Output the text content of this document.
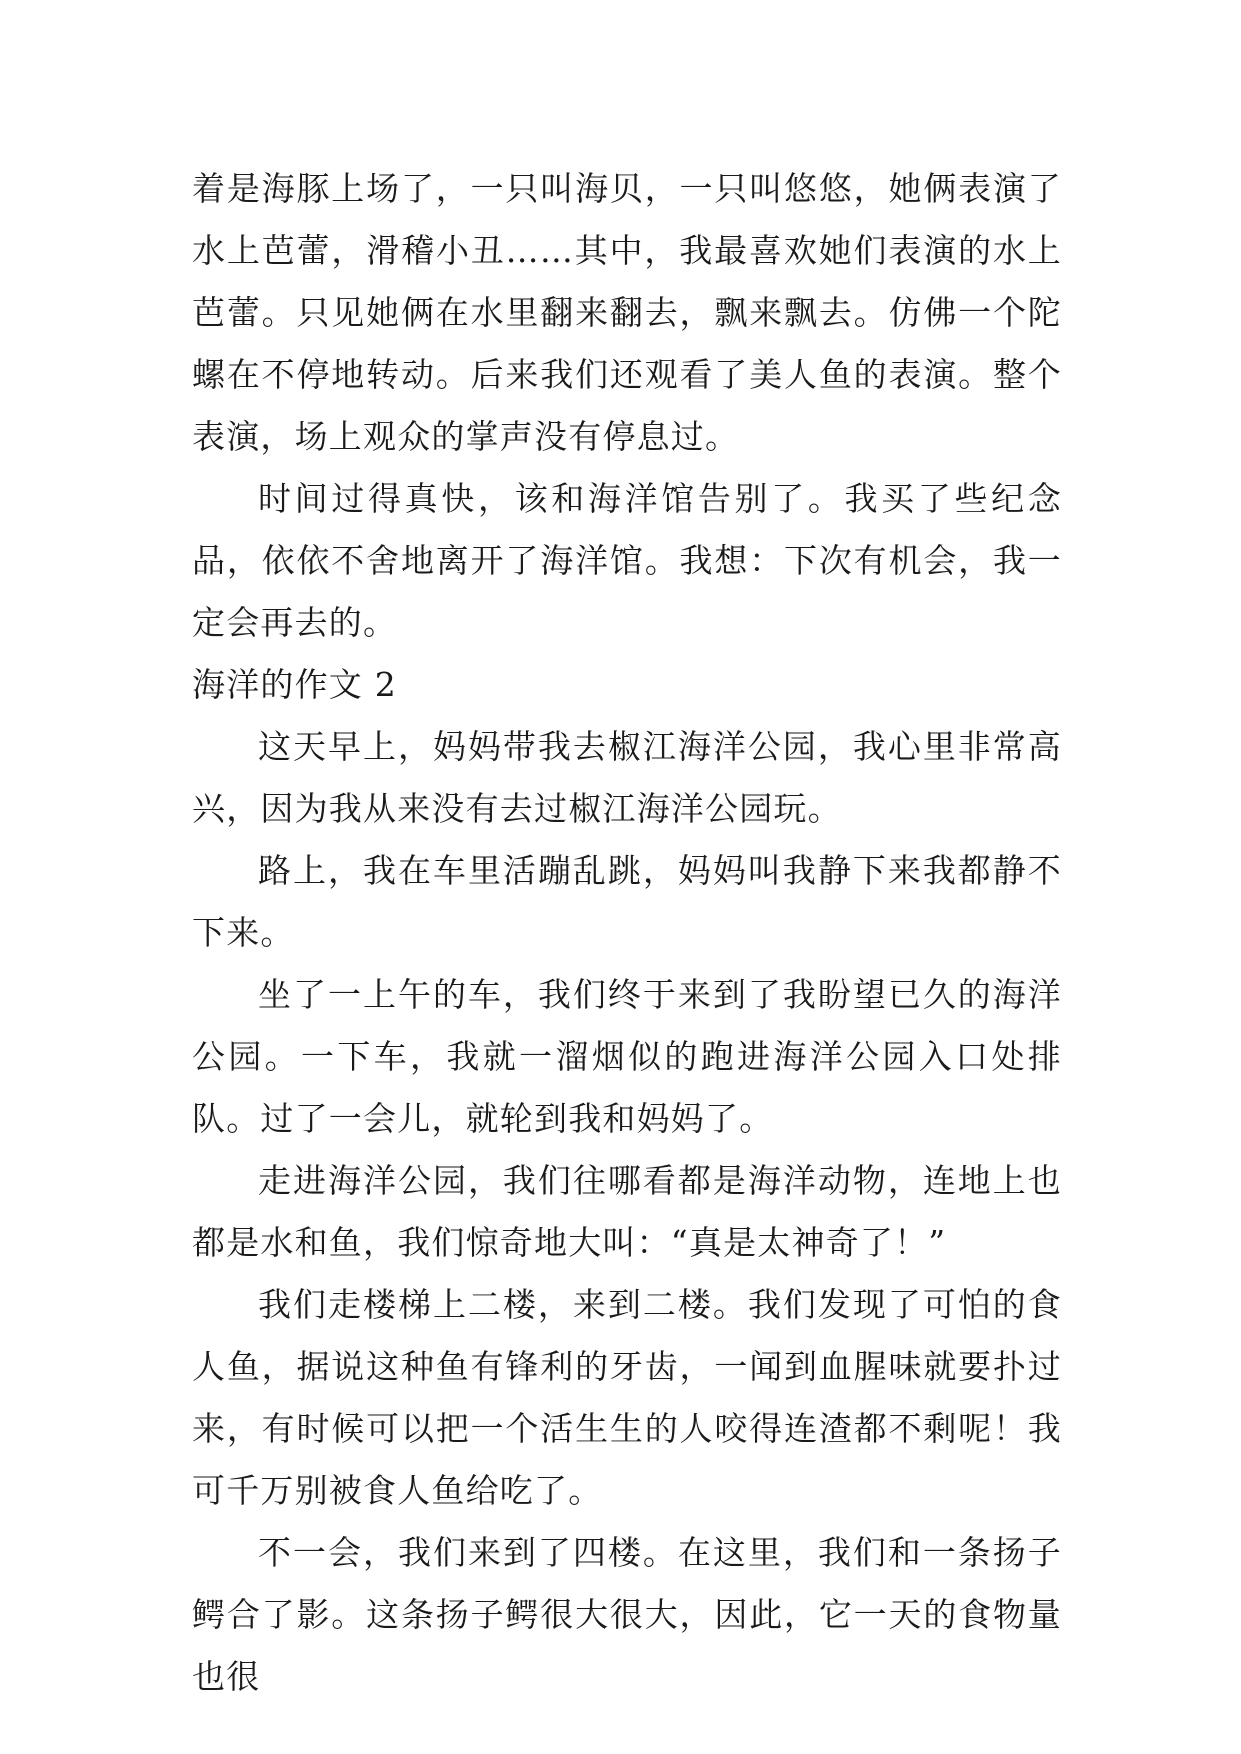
着是海豚上场了，一只叫海贝，一只叫悠悠，她俩表演了水上芭蕾，滑稽小丑……其中，我最喜欢她们表演的水上芭蕾。只见她俩在水里翻来翻去，飘来飘去。仿佛一个陀螺在不停地转动。后来我们还观看了美人鱼的表演。整个表演，场上观众的掌声没有停息过。

时间过得真快，该和海洋馆告别了。我买了些纪念品，依依不舍地离开了海洋馆。我想：下次有机会，我一定会再去的。

海洋的作文 2

这天早上，妈妈带我去椒江海洋公园，我心里非常高兴，因为我从来没有去过椒江海洋公园玩。

路上，我在车里活蹦乱跳，妈妈叫我静下来我都静不下来。

坐了一上午的车，我们终于来到了我盼望已久的海洋公园。一下车，我就一溜烟似的跑进海洋公园入口处排队。过了一会儿，就轮到我和妈妈了。

走进海洋公园，我们往哪看都是海洋动物，连地上也都是水和鱼，我们惊奇地大叫：“真是太神奇了！”

我们走楼梯上二楼，来到二楼。我们发现了可怕的食人鱼，据说这种鱼有锋利的牙齿，一闻到血腥味就要扑过来，有时候可以把一个活生生的人咬得连渣都不剩呢！我可千万别被食人鱼给吃了。

不一会，我们来到了四楼。在这里，我们和一条扬子鳄合了影。这条扬子鳄很大很大，因此，它一天的食物量也很
